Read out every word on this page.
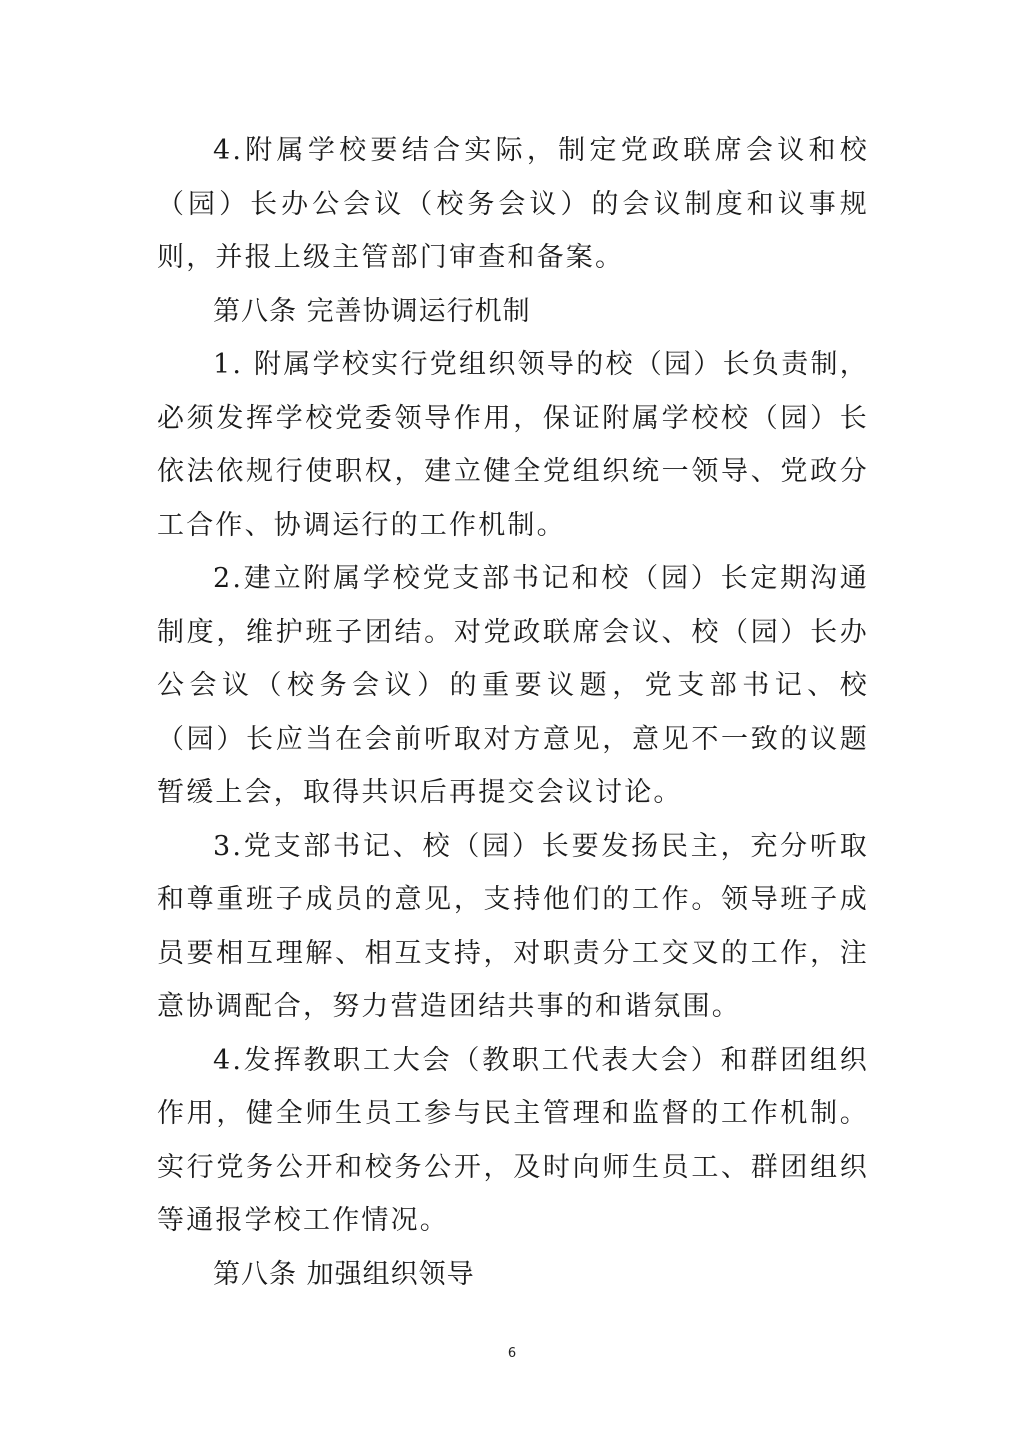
4.附属学校要结合实际，制定党政联席会议和校（园）长办公会议（校务会议）的会议制度和议事规则，并报上级主管部门审查和备案。

第八条 完善协调运行机制

1. 附属学校实行党组织领导的校（园）长负责制，必须发挥学校党委领导作用，保证附属学校校（园）长依法依规行使职权，建立健全党组织统一领导、党政分工合作、协调运行的工作机制。

2.建立附属学校党支部书记和校（园）长定期沟通制度，维护班子团结。对党政联席会议、校（园）长办公会议（校务会议）的重要议题，党支部书记、校（园）长应当在会前听取对方意见，意见不一致的议题暂缓上会，取得共识后再提交会议讨论。

3.党支部书记、校（园）长要发扬民主，充分听取和尊重班子成员的意见，支持他们的工作。领导班子成员要相互理解、相互支持，对职责分工交叉的工作，注意协调配合，努力营造团结共事的和谐氛围。

4.发挥教职工大会（教职工代表大会）和群团组织作用，健全师生员工参与民主管理和监督的工作机制。实行党务公开和校务公开，及时向师生员工、群团组织等通报学校工作情况。

第八条 加强组织领导

6
